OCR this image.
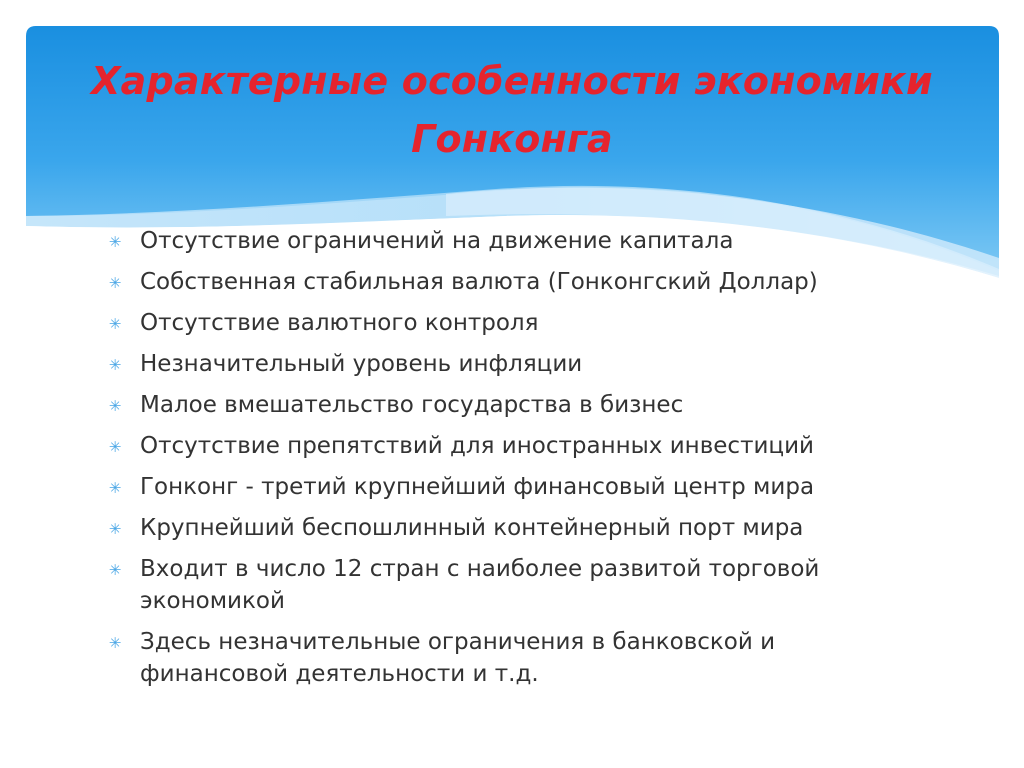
Характерные особенности экономики Гонконга
✳ Отсутствие ограничений на движение капитала
✳ Собственная стабильная валюта (Гонконгский Доллар)
✳ Отсутствие валютного контроля
✳ Незначительный уровень инфляции
✳ Малое вмешательство государства в бизнес
✳ Отсутствие препятствий для иностранных инвестиций
✳ Гонконг - третий крупнейший финансовый центр мира
✳ Крупнейший беспошлинный контейнерный порт мира
✳ Входит в число 12 стран с наиболее развитой торговой экономикой
✳ Здесь незначительные ограничения в банковской и финансовой деятельности и т.д.
